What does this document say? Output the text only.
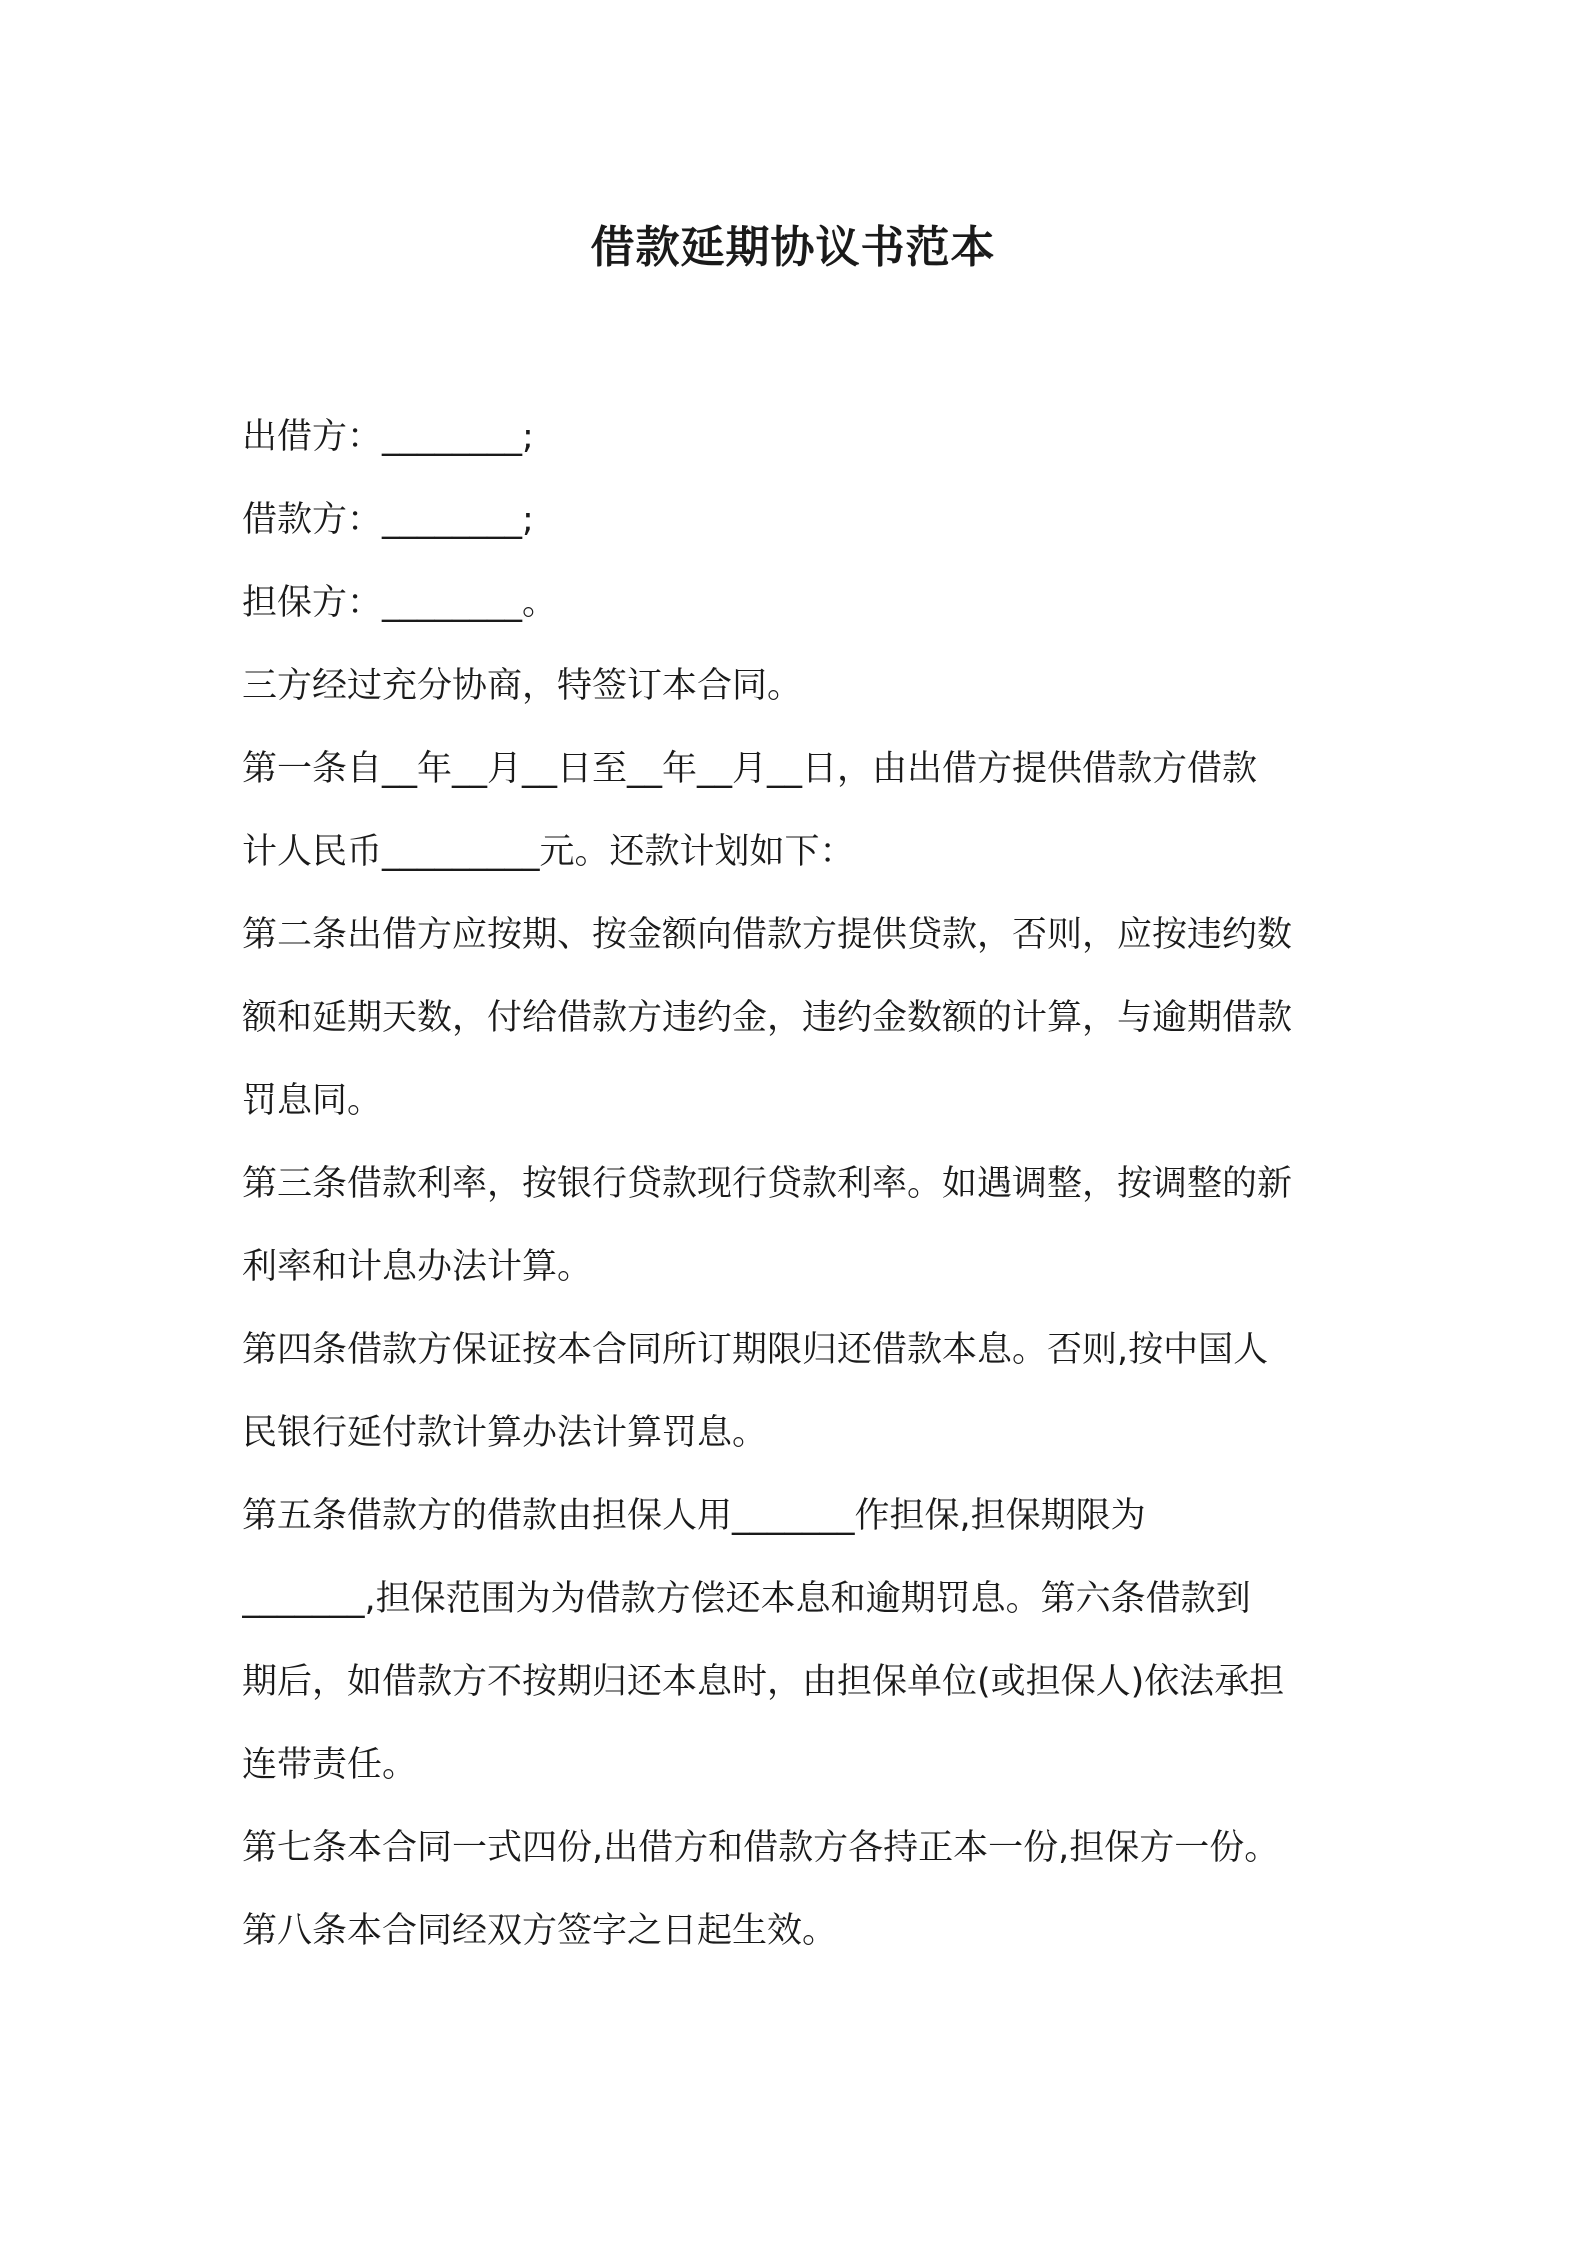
借款延期协议书范本
出借方：________;
借款方：________;
担保方：________。
三方经过充分协商，特签订本合同。
第一条自__年__月__日至__年__月__日，由出借方提供借款方借款
计人民币_________元。还款计划如下：
第二条出借方应按期、按金额向借款方提供贷款，否则，应按违约数
额和延期天数，付给借款方违约金，违约金数额的计算，与逾期借款
罚息同。
第三条借款利率，按银行贷款现行贷款利率。如遇调整，按调整的新
利率和计息办法计算。
第四条借款方保证按本合同所订期限归还借款本息。否则,按中国人
民银行延付款计算办法计算罚息。
第五条借款方的借款由担保人用_______作担保,担保期限为
_______,担保范围为为借款方偿还本息和逾期罚息。第六条借款到
期后，如借款方不按期归还本息时，由担保单位(或担保人)依法承担
连带责任。
第七条本合同一式四份,出借方和借款方各持正本一份,担保方一份。
第八条本合同经双方签字之日起生效。
